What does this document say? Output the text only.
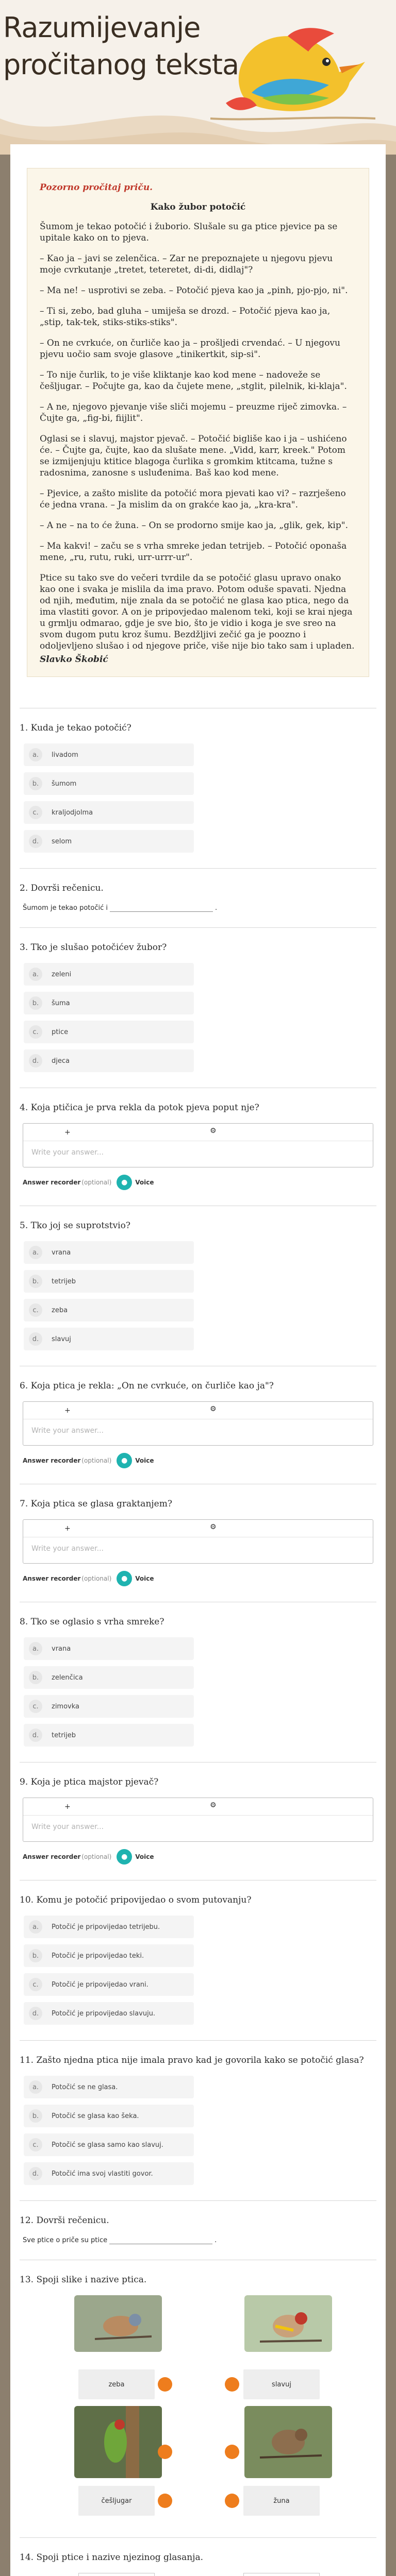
Razumijevanje
pročitanog teksta
Pozorno pročitaj priču.
Kako žubor potočić

Šumom je tekao potočić i žuborio. Slušale su ga ptice pjevice pa se upitale kako on to pjeva.

– Kao ja – javi se zelenčica. – Zar ne prepoznajete u njegovu pjevu moje cvrkutanje „tretet, teteretet, di-di, didlaj"?

– Ma ne! – usprotivi se zeba. – Potočić pjeva kao ja „pinh, pjo-pjo, ni".

– Ti si, zebo, bad gluha – umiješa se drozd. – Potočić pjeva kao ja, „stip, tak-tek, stiks-stiks-stiks".

– On ne cvrkuće, on čurliče kao ja – prošljedi crvendać. – U njegovu pjevu uočio sam svoje glasove „tinikertkit, sip-si".

– To nije čurlik, to je više kliktanje kao kod mene – nadoveže se češljugar. – Počujte ga, kao da čujete mene, „stglit, pilelnik, ki-klaja".

– A ne, njegovo pjevanje više sliči mojemu – preuzme riječ zimovka. – Čujte ga, „fig-bi, fiijlit".

Oglasi se i slavuj, majstor pjevač. – Potočić bigliše kao i ja – ushićeno će. – Čujte ga, čujte, kao da slušate mene. „Vidd, karr, kreek." Potom se izmijenjuju ktitice blagoga čurlika s gromkim ktitcama, tužne s radosnima, zanosne s usluđenima. Baš kao kod mene.

– Pjevice, a zašto mislite da potočić mora pjevati kao vi? – razrješeno će jedna vrana. – Ja mislim da on grakće kao ja, „kra-kra".

– A ne – na to će žuna. – On se prodorno smije kao ja, „glik, gek, kip".

– Ma kakvi! – začu se s vrha smreke jedan tetrijeb. – Potočić oponaša mene, „ru, rutu, ruki, urr-urrr-ur".

Ptice su tako sve do večeri tvrdile da se potočić glasu upravo onako kao one i svaka je mislila da ima pravo. Potom oduše spavati. Njedna od njih, međutim, nije znala da se potočić ne glasa kao ptica, nego da ima vlastiti govor. A on je pripovjedao malenom teki, koji se krai njega u grmlju odmarao, gdje je sve bio, što je vidio i koga je sve sreo na svom dugom putu kroz šumu. Bezdžljivi zečić ga je poozno i odoljevljeno slušao i od njegove priče, više nije bio tako sam i upladen.

Slavko Škobić
1. Kuda je tekao potočić?
a.	livadom
b.	šumom
c.	kraljodjolma
d.	selom
2. Dovrši rečenicu.
Šumom je tekao potočić i	.
3. Tko je slušao potočićev žubor?
a.	zeleni
b.	šuma
c.	ptice
d.	djeca
4. Koja ptičica je prva rekla da potok pjeva poput nje?
+	⚙
Write your answer...
Answer recorder (optional)	●	Voice
5. Tko joj se suprotstvio?
a.	vrana
b.	tetrijeb
c.	zeba
d.	slavuj
6. Koja ptica je rekla: „On ne cvrkuće, on čurliče kao ja"?
+	⚙
Write your answer...
Answer recorder (optional)	●	Voice
7. Koja ptica se glasa graktanjem?
+	⚙
Write your answer...
Answer recorder (optional)	●	Voice
8. Tko se oglasio s vrha smreke?
a.	vrana
b.	zelenčica
c.	zimovka
d.	tetrijeb
9. Koja je ptica majstor pjevač?
+	⚙
Write your answer...
Answer recorder (optional)	●	Voice
10. Komu je potočić pripovijedao o svom putovanju?
a.	Potočić je pripovijedao tetrijebu.
b.	Potočić je pripovijedao teki.
c.	Potočić je pripovijedao vrani.
d.	Potočić je pripovijedao slavuju.
11. Zašto njedna ptica nije imala pravo kad je govorila kako se potočić glasa?
a.	Potočić se ne glasa.
b.	Potočić se glasa kao šeka.
c.	Potočić se glasa samo kao slavuj.
d.	Potočić ima svoj vlastiti govor.
12. Dovrši rečenicu.
Sve ptice o priče su ptice	.
13. Spoji slike i nazive ptica.
zeba	slavuj
češljugar	žuna
14. Spoji ptice i nazive njezinog glasanja.
